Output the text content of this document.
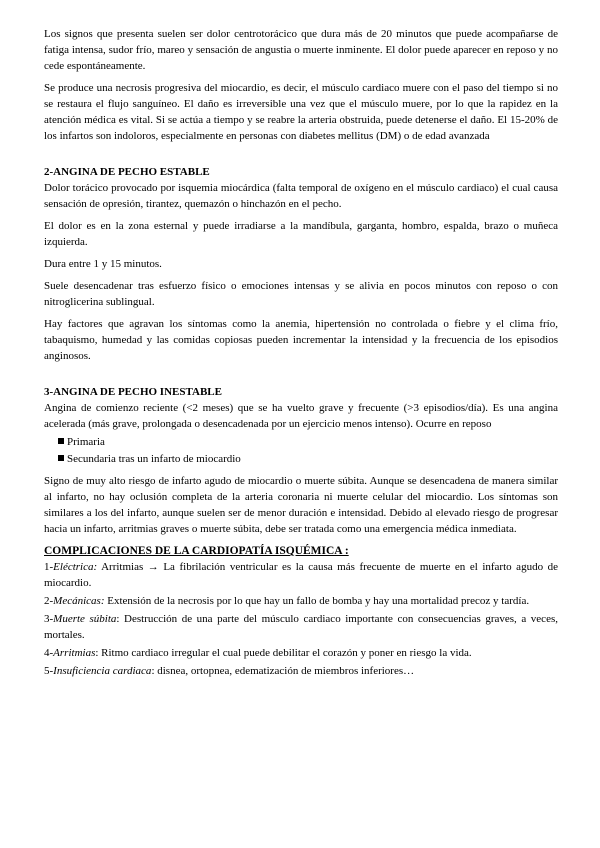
Los signos que presenta suelen ser dolor centrotorácico que dura más de 20 minutos que puede acompañarse de fatiga intensa, sudor frío, mareo y sensación de angustia o muerte inminente. El dolor puede aparecer en reposo y no cede espontáneamente.

Se produce una necrosis progresiva del miocardio, es decir, el músculo cardiaco muere con el paso del tiempo si no se restaura el flujo sanguíneo. El daño es irreversible una vez que el músculo muere, por lo que la rapidez en la atención médica es vital. Si se actúa a tiempo y se reabre la arteria obstruida, puede detenerse el daño. El 15-20% de los infartos son indoloros, especialmente en personas con diabetes mellitus (DM) o de edad avanzada

2-ANGINA DE PECHO ESTABLE

Dolor torácico provocado por isquemia miocárdica (falta temporal de oxígeno en el músculo cardiaco) el cual causa sensación de opresión, tirantez, quemazón o hinchazón en el pecho.

El dolor es en la zona esternal y puede irradiarse a la mandíbula, garganta, hombro, espalda, brazo o muñeca izquierda.

Dura entre 1 y 15 minutos.

Suele desencadenar tras esfuerzo físico o emociones intensas y se alivia en pocos minutos con reposo o con nitroglicerina sublingual.

Hay factores que agravan los síntomas como la anemia, hipertensión no controlada o fiebre y el clima frío, tabaquismo, humedad y las comidas copiosas pueden incrementar la intensidad y la frecuencia de los episodios anginosos.

3-ANGINA DE PECHO INESTABLE

Angina de comienzo reciente (<2 meses) que se ha vuelto grave y frecuente (>3 episodios/día). Es una angina acelerada (más grave, prolongada o desencadenada por un ejercicio menos intenso). Ocurre en reposo

Primaria
Secundaria tras un infarto de miocardio

Signo de muy alto riesgo de infarto agudo de miocardio o muerte súbita. Aunque se desencadena de manera similar al infarto, no hay oclusión completa de la arteria coronaria ni muerte celular del miocardio. Los síntomas son similares a los del infarto, aunque suelen ser de menor duración e intensidad. Debido al elevado riesgo de progresar hacia un infarto, arritmias graves o muerte súbita, debe ser tratada como una emergencia médica inmediata.

COMPLICACIONES DE LA CARDIOPATÍA ISQUÉMICA :

1-Eléctrica: Arritmias → La fibrilación ventricular es la causa más frecuente de muerte en el infarto agudo de miocardio.

2-Mecánicas: Extensión de la necrosis por lo que hay un fallo de bomba y hay una mortalidad precoz y tardía.

3-Muerte súbita: Destrucción de una parte del músculo cardiaco importante con consecuencias graves, a veces, mortales.

4-Arritmias: Ritmo cardiaco irregular el cual puede debilitar el corazón y poner en riesgo la vida.

5-Insuficiencia cardiaca: disnea, ortopnea, edematización de miembros inferiores…
